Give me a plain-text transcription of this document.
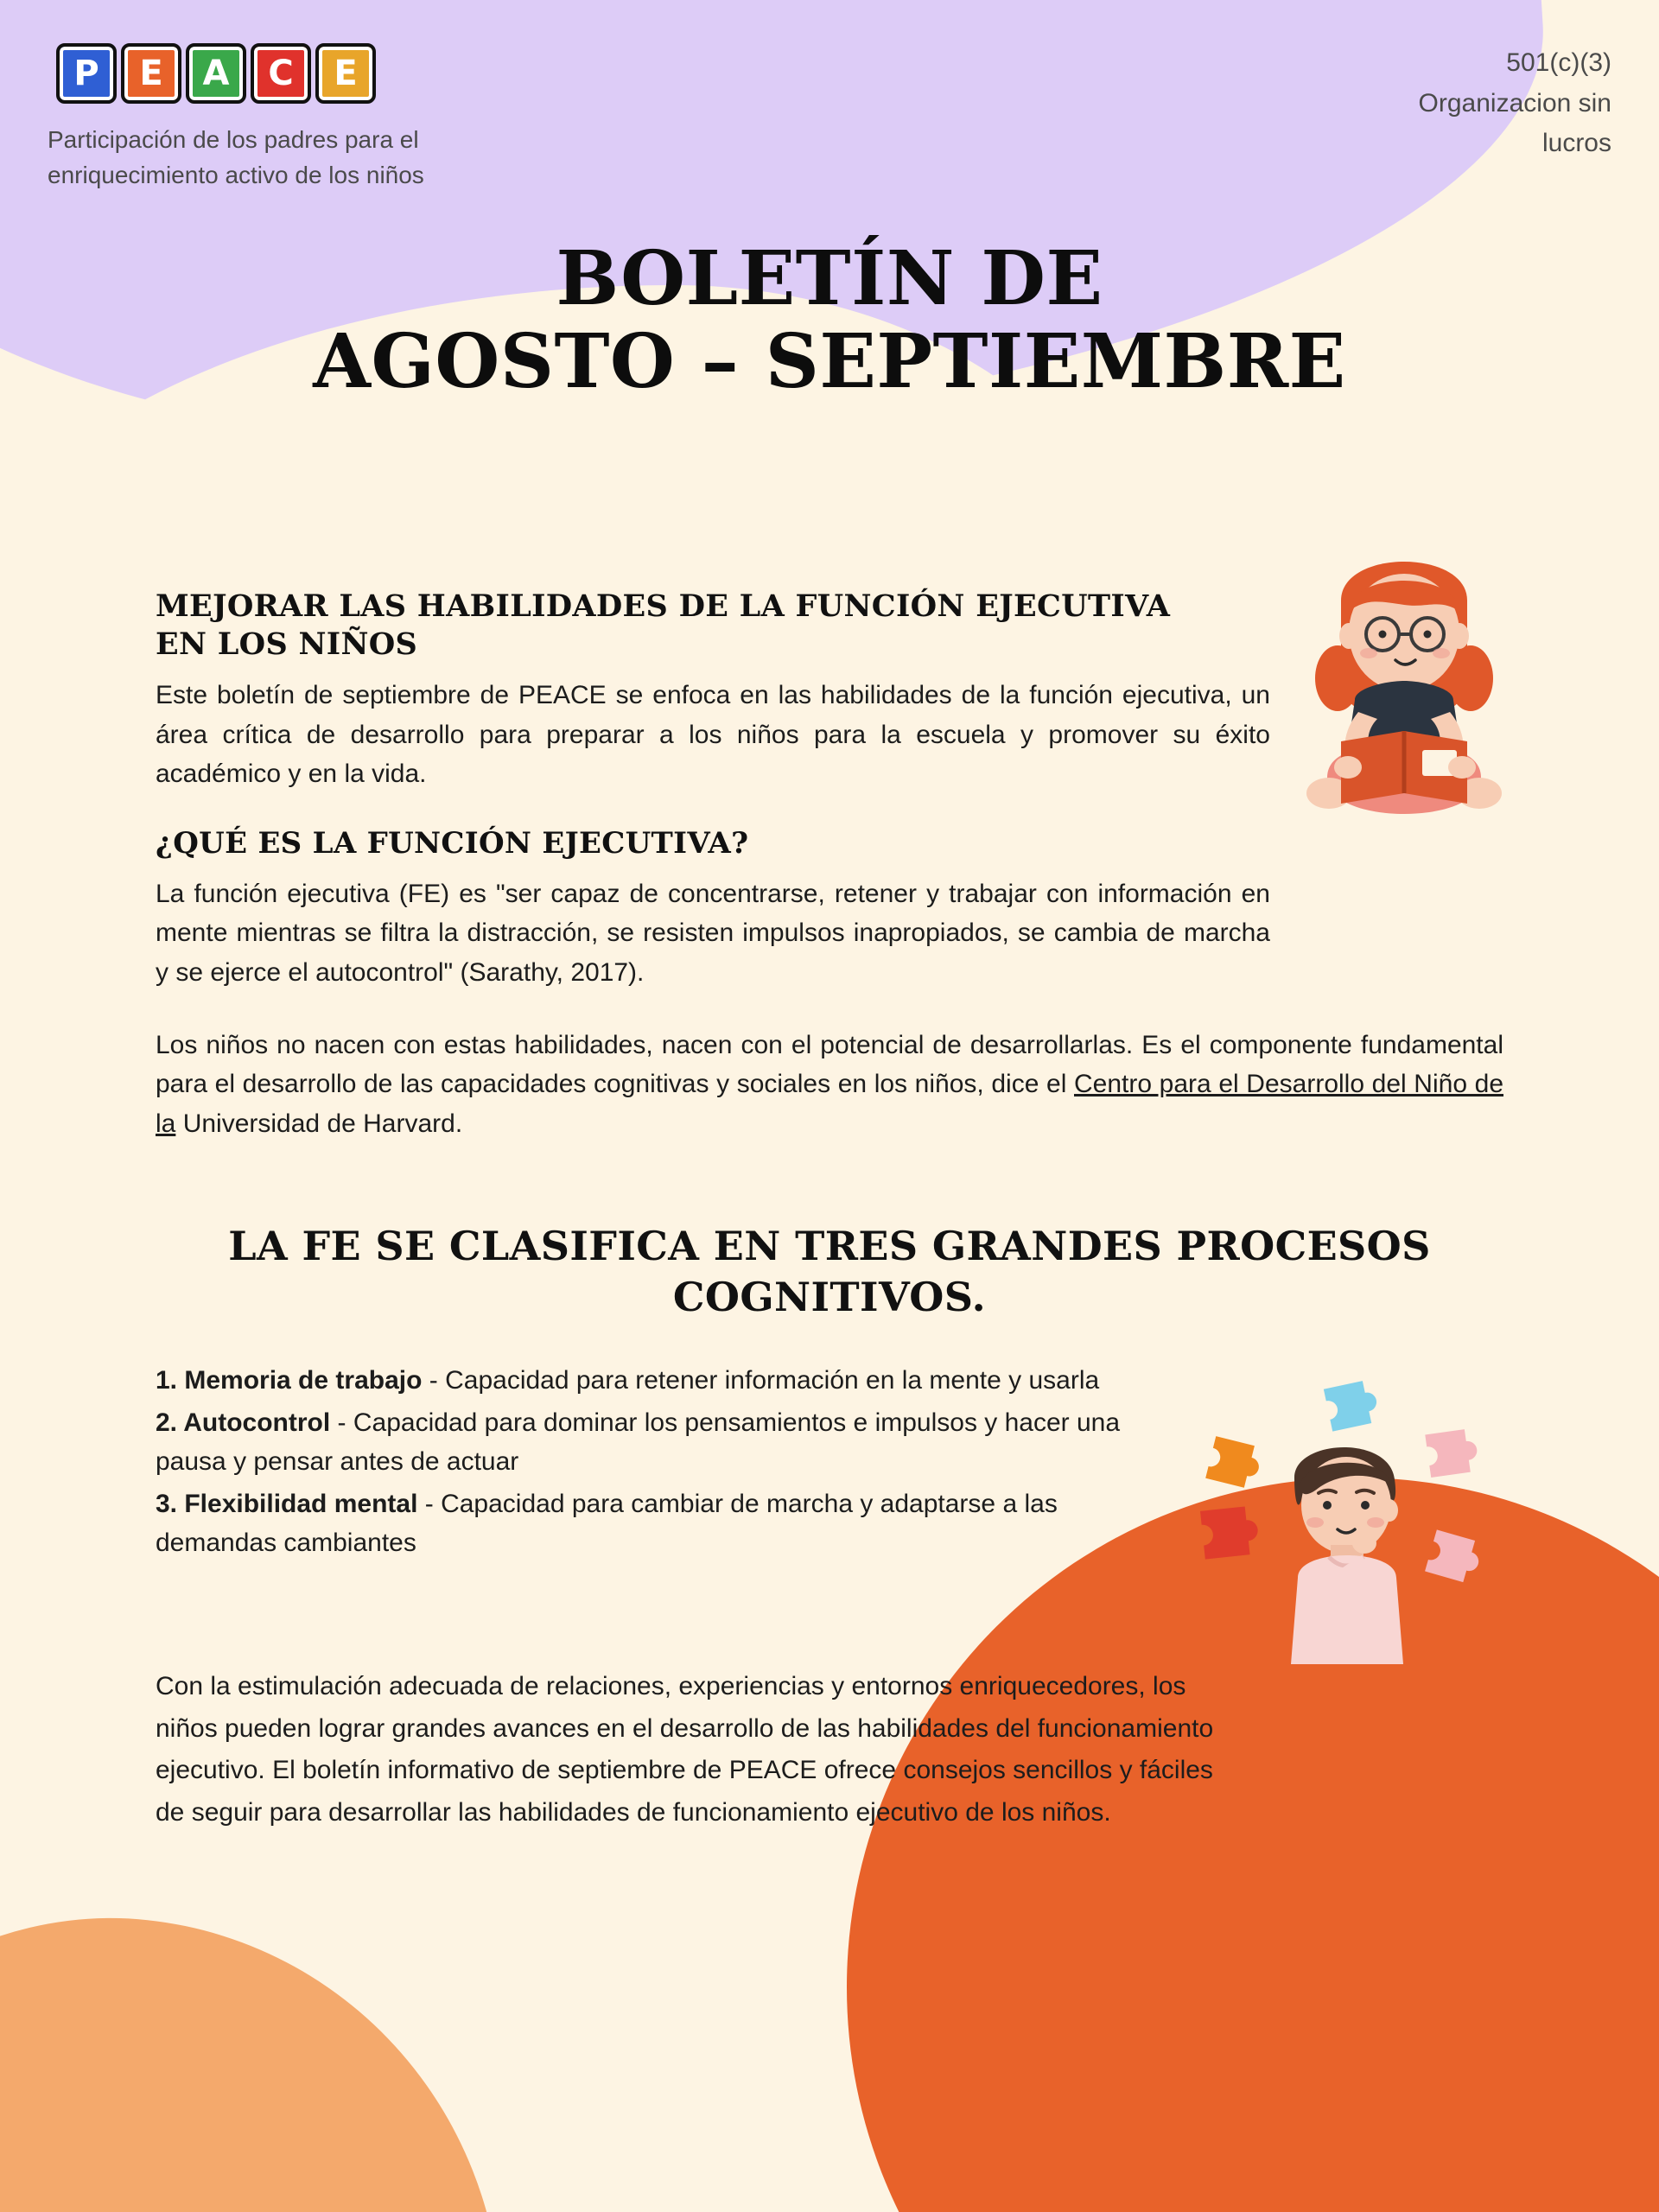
P	E	A	C	E
Participación de los padres para el enriquecimiento activo de los niños
501(c)(3)
Organizacion sin
lucros
BOLETÍN DE
AGOSTO – SEPTIEMBRE
MEJORAR LAS HABILIDADES DE LA FUNCIÓN EJECUTIVA EN LOS NIÑOS

Este boletín de septiembre de PEACE se enfoca en las habilidades de la función ejecutiva, un área crítica de desarrollo para preparar a los niños para la escuela y promover su éxito académico y en la vida.

¿QUÉ ES LA FUNCIÓN EJECUTIVA?

La función ejecutiva (FE) es "ser capaz de concentrarse, retener y trabajar con información en mente mientras se filtra la distracción, se resisten impulsos inapropiados, se cambia de marcha y se ejerce el autocontrol" (Sarathy, 2017).

Los niños no nacen con estas habilidades, nacen con el potencial de desarrollarlas. Es el componente fundamental para el desarrollo de las capacidades cognitivas y sociales en los niños, dice el Centro para el Desarrollo del Niño de la Universidad de Harvard.

LA FE SE CLASIFICA EN TRES GRANDES PROCESOS COGNITIVOS.
1. Memoria de trabajo - Capacidad para retener información en la mente y usarla
2. Autocontrol - Capacidad para dominar los pensamientos e impulsos y hacer una pausa y pensar antes de actuar
3. Flexibilidad mental - Capacidad para cambiar de marcha y adaptarse a las demandas cambiantes
Con la estimulación adecuada de relaciones, experiencias y entornos enriquecedores, los niños pueden lograr grandes avances en el desarrollo de las habilidades del funcionamiento ejecutivo. El boletín informativo de septiembre de PEACE ofrece consejos sencillos y fáciles de seguir para desarrollar las habilidades de funcionamiento ejecutivo de los niños.
